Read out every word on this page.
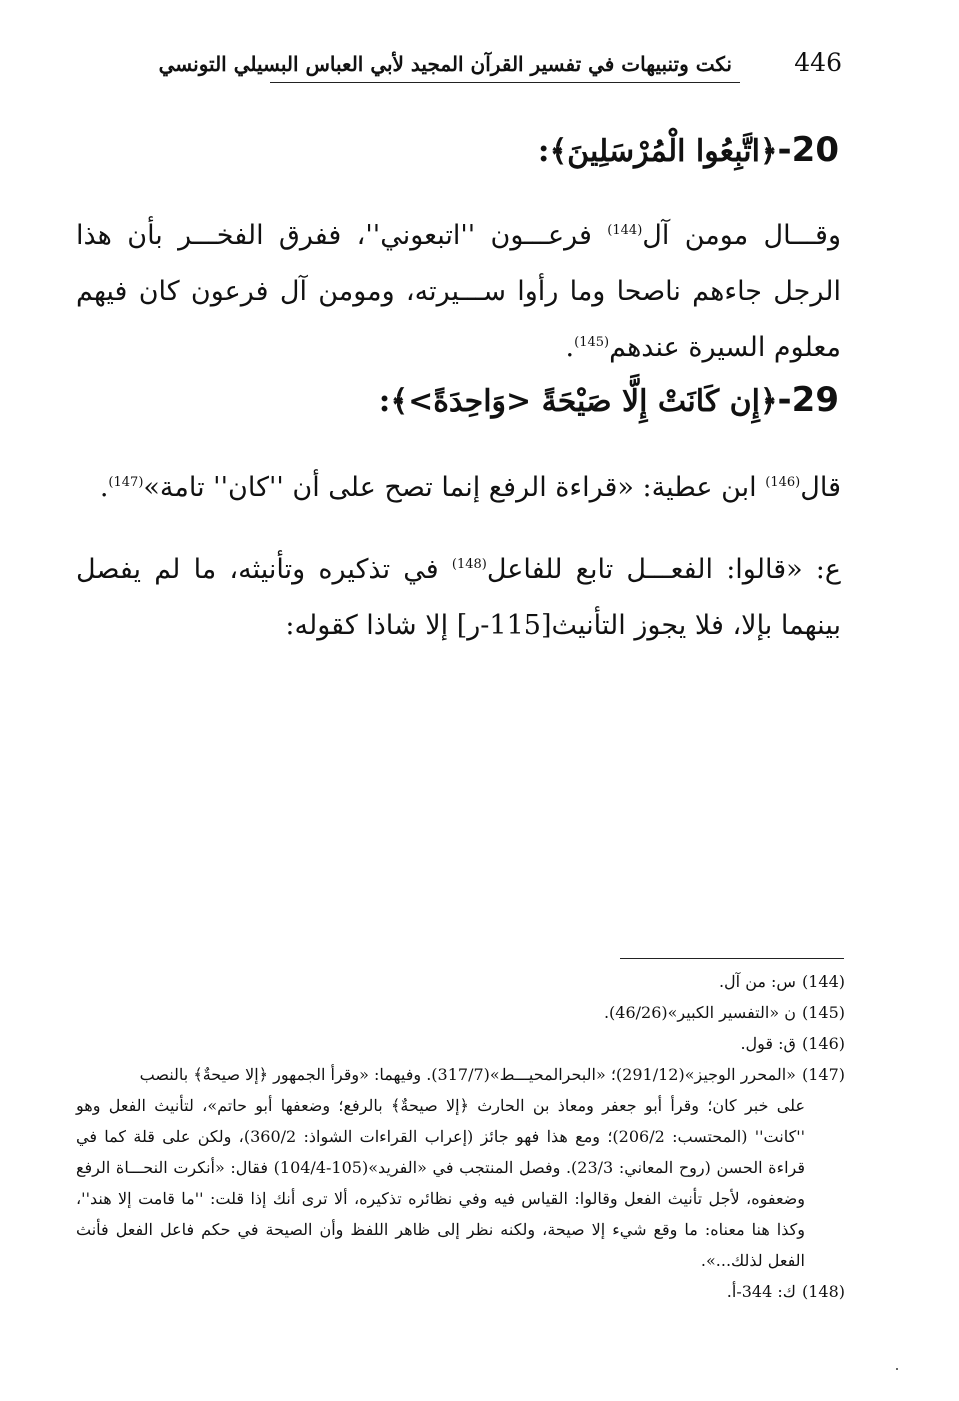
446
نكت وتنبيهات في تفسير القرآن المجيد لأبي العباس البسيلي التونسي
20-﴿اتَّبِعُوا الْمُرْسَلِينَ﴾:

وقـــال مومن آل$^{(144)}$ فرعـــون ''اتبعوني''، ففرق الفخـــر بأن هذا الرجل جاءهم ناصحا وما رأوا ســـيرته، ومومن آل فرعون كان فيهم معلوم السيرة عندهم$^{(145)}$.

29-﴿إِن كَانَتْ إِلَّا صَيْحَةً <وَاحِدَةً>﴾:

قال$^{(146)}$ ابن عطية: «قراءة الرفع إنما تصح على أن ''كان'' تامة»$^{(147)}$.

ع: «قالوا: الفعـــل تابع للفاعل$^{(148)}$ في تذكيره وتأنيثه، ما لم يفصل بينهما بإلا، فلا يجوز التأنيث[115-ر] إلا شاذا كقوله:

(144)س: من آل.
(145)ن «التفسير الكبير»(46/26).
(146)ق: قول.
(147)«المحرر الوجيز»(291/12)؛ «البحرالمحيـــط»(317/7). وفيهما: «وقرأ الجمهور ﴿إلا صيحةٌ﴾ بالنصب
على خبر كان؛ وقرأ أبو جعفر ومعاذ بن الحارث ﴿إلا صيحةٌ﴾ بالرفع؛ وضعفها أبو حاتم»، لتأنيث الفعل وهو ''كانت'' (المحتسب: 206/2)؛ ومع هذا فهو جائز (إعراب القراءات الشواذ: 360/2)، ولكن على قلة كما في قراءة الحسن (روح المعاني: 23/3). وفصل المنتجب في «الفريد»(105-104/4) فقال: «أنكرت النحـــاة الرفع وضعفوه، لأجل تأنيث الفعل وقالوا: القياس فيه وفي نظائره تذكيره، ألا ترى أنك إذا قلت: ''ما قامت إلا هند''، وكذا هنا معناه: ما وقع شيء إلا صيحة، ولكنه نظر إلى ظاهر اللفظ وأن الصيحة في حكم فاعل الفعل فأنث الفعل لذلك...».
(148)ك: 344-أ.
